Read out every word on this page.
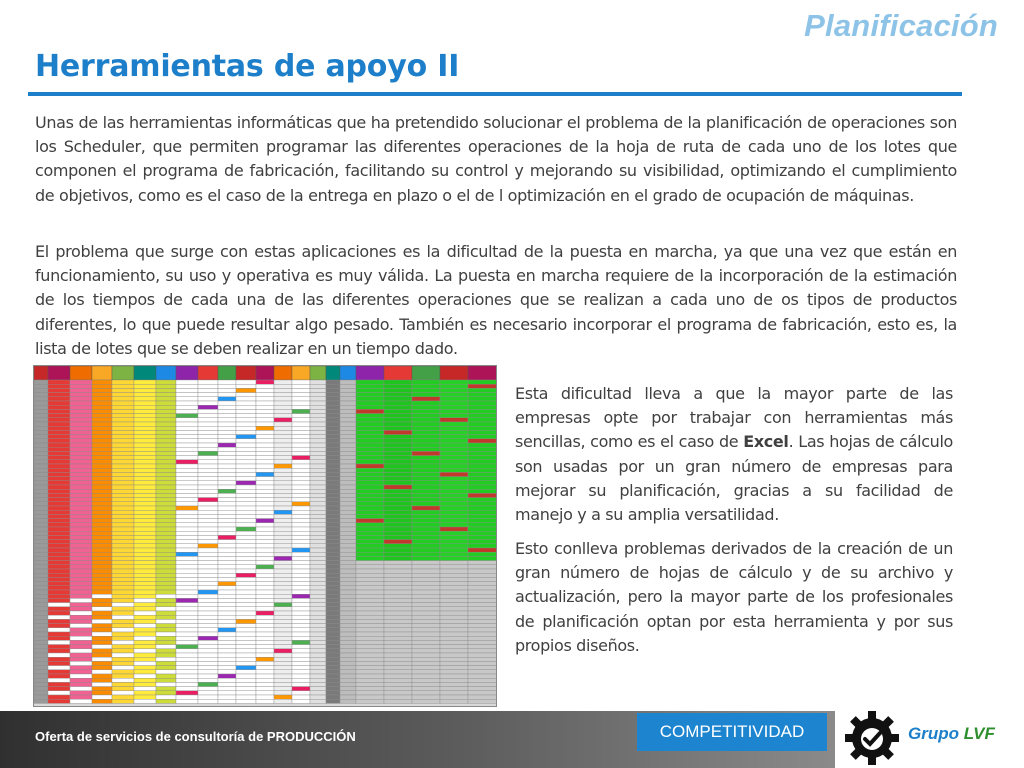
Planificación
Herramientas de apoyo II

Unas de las herramientas informáticas que ha pretendido solucionar el problema de la planificación de operaciones son los Scheduler, que permiten programar las diferentes operaciones de la hoja de ruta de cada uno de los lotes que componen el programa de fabricación, facilitando su control y mejorando su visibilidad, optimizando el cumplimiento de objetivos, como es el caso de la entrega en plazo o el de l optimización en el grado de ocupación de máquinas.

El problema que surge con estas aplicaciones es la dificultad de la puesta en marcha, ya que una vez que están en funcionamiento, su uso y operativa es muy válida. La puesta en marcha requiere de la incorporación de la estimación de los tiempos de cada una de las diferentes operaciones que se realizan a cada uno de os tipos de productos diferentes, lo que puede resultar algo pesado. También es necesario incorporar el programa de fabricación, esto es, la lista de lotes que se deben realizar en un tiempo dado.

Esta dificultad lleva a que la mayor parte de las empresas opte por trabajar con herramientas más sencillas, como es el caso de Excel. Las hojas de cálculo son usadas por un gran número de empresas para mejorar su planificación, gracias a su facilidad de manejo y a su amplia versatilidad.

Esto conlleva problemas derivados de la creación de un gran número de hojas de cálculo y de su archivo y actualización, pero la mayor parte de los profesionales de planificación optan por esta herramienta y por sus propios diseños.

Oferta de servicios de consultoría de PRODUCCIÓN	COMPETITIVIDAD	Grupo LVF
